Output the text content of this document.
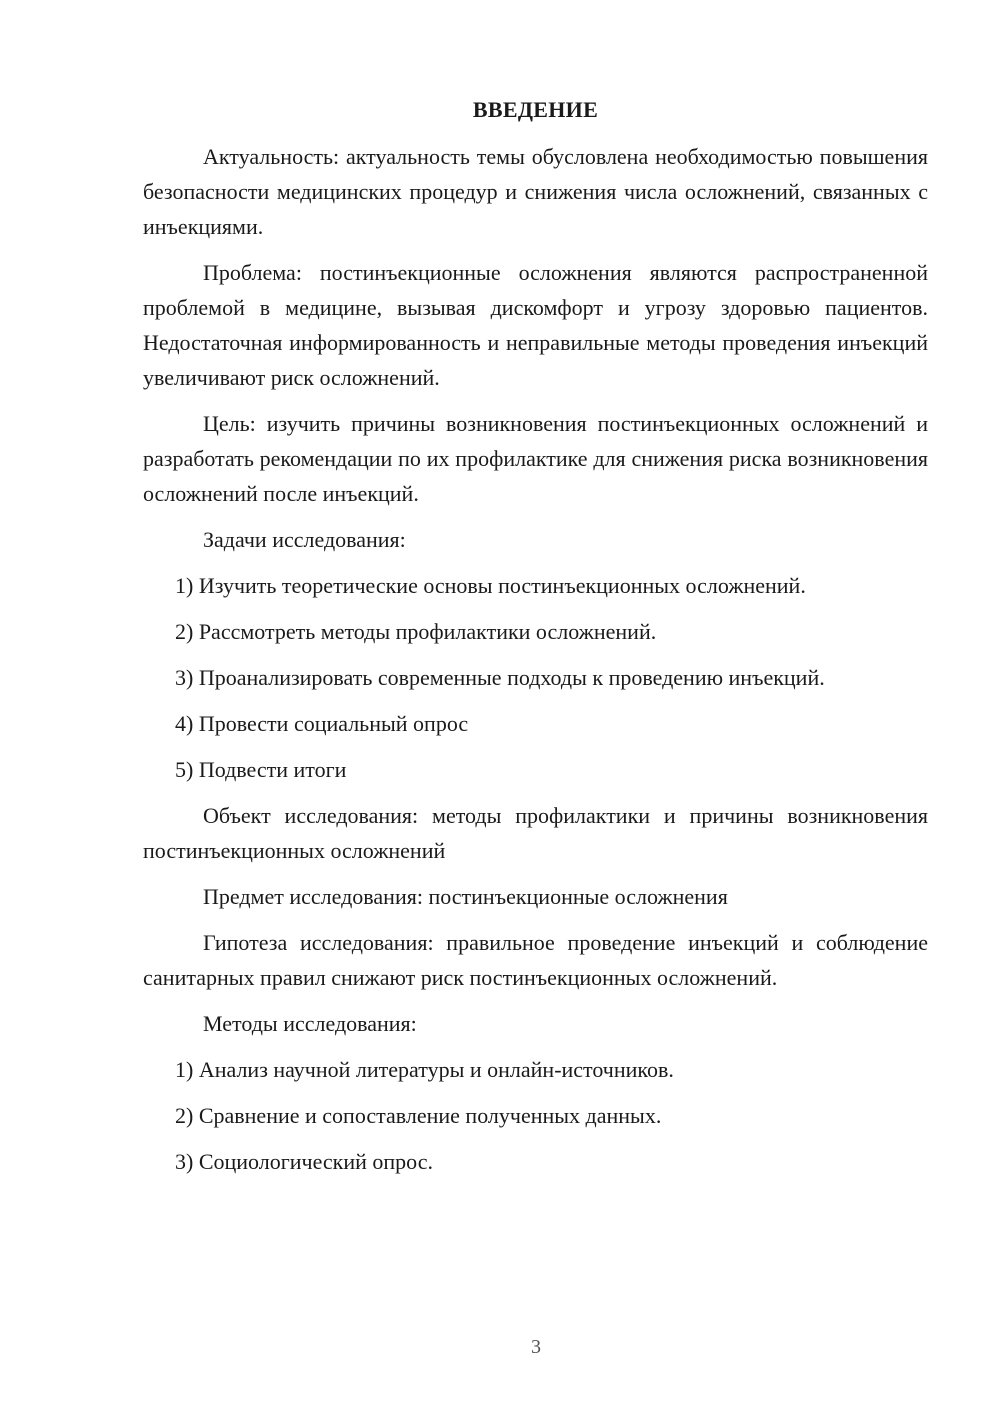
ВВЕДЕНИЕ

Актуальность: актуальность темы обусловлена необходимостью повышения безопасности медицинских процедур и снижения числа осложнений, связанных с инъекциями.

Проблема: постинъекционные осложнения являются распространенной проблемой в медицине, вызывая дискомфорт и угрозу здоровью пациентов. Недостаточная информированность и неправильные методы проведения инъекций увеличивают риск осложнений.

Цель: изучить причины возникновения постинъекционных осложнений и разработать рекомендации по их профилактике для снижения риска возникновения осложнений после инъекций.

Задачи исследования:

1) Изучить теоретические основы постинъекционных осложнений.

2) Рассмотреть методы профилактики осложнений.

3) Проанализировать современные подходы к проведению инъекций.

4) Провести социальный опрос

5) Подвести итоги

Объект исследования: методы профилактики и причины возникновения постинъекционных осложнений

Предмет исследования: постинъекционные осложнения

Гипотеза исследования: правильное проведение инъекций и соблюдение санитарных правил снижают риск постинъекционных осложнений.

Методы исследования:

1) Анализ научной литературы и онлайн-источников.

2) Сравнение и сопоставление полученных данных.

3) Социологический опрос.

3
